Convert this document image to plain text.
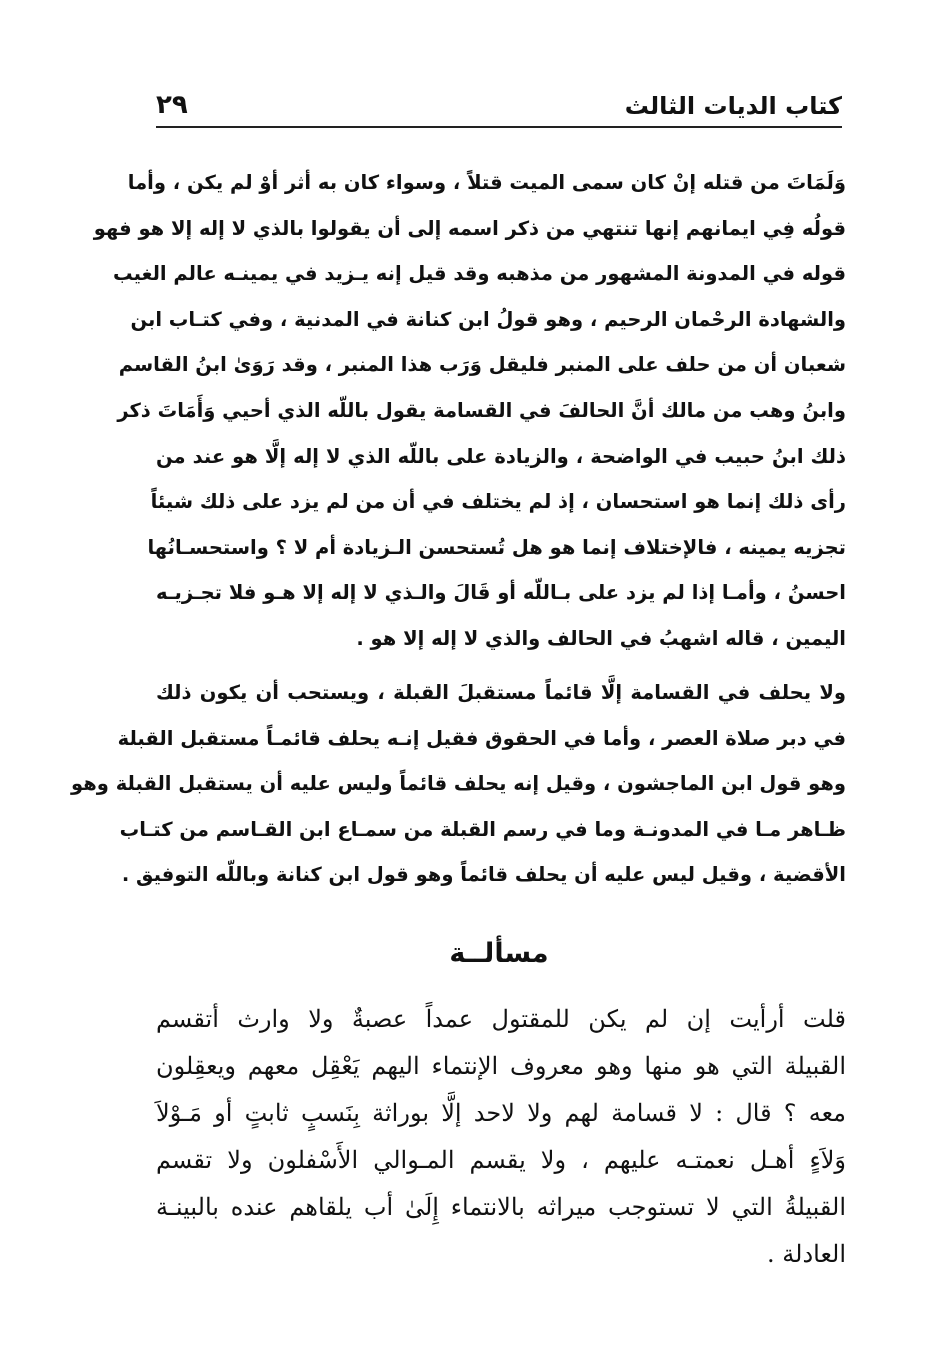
كتاب الديات الثالث
٢٩
وَلَمَاتَ من قتله إنْ كان سمى الميت قتلاً ، وسواء كان به أثر أوْ لم يكن ، وأما
قولُه فِي ايمانهم إنها تنتهي من ذكر اسمه إلى أن يقولوا بالذي لا إله إلا هو فهو
قوله في المدونة المشهور من مذهبه وقد قيل إنه يـزيد في يمينـه عالم الغيب
والشهادة الرحْمان الرحيم ، وهو قولُ ابن كنانة في المدنية ، وفي كتـاب ابن
شعبان أن من حلف على المنبر فليقل وَرَب هذا المنبر ، وقد رَوَىٰ ابنُ القاسم
وابنُ وهب من مالك أنَّ الحالفَ في القسامة يقول باللّه الذي أحيي وَأَمَاتَ ذكر
ذلك ابنُ حبيب في الواضحة ، والزيادة على باللّه الذي لا إله إلَّا هو عند من
رأى ذلك إنما هو استحسان ، إذ لم يختلف في أن من لم يزد على ذلك شيئاً
تجزيه يمينه ، فالإختلاف إنما هو هل تُستحسن الـزيادة أم لا ؟ واستحسـانُها
احسنُ ، وأمـا إذا لم يزد على بـاللّه أو قَالَ والـذي لا إله إلا هـو فلا تجـزيـه
اليمين ، قاله اشهبُ في الحالف والذي لا إله إلا هو .
ولا يحلف في القسامة إلَّا قائماً مستقبلَ القبلة ، ويستحب أن يكون ذلك
في دبر صلاة العصر ، وأما في الحقوق فقيل إنـه يحلف قائمـاً مستقبل القبلة
وهو قول ابن الماجشون ، وقيل إنه يحلف قائماً وليس عليه أن يستقبل القبلة وهو
ظـاهر مـا في المدونـة وما في رسم القبلة من سمـاع ابن القـاسم من كتـاب
الأقضية ، وقيل ليس عليه أن يحلف قائماً وهو قول ابن كنانة وباللّه التوفيق .
مسألــة
قلت أرأيت إن لم يكن للمقتول عمداً عصبةٌ ولا وارث أتقسم
القبيلة التي هو منها وهو معروف الإنتماء اليهم يَعْقِل معهم ويعقِلون
معه ؟ قال : لا قسامة لهم ولا لاحد إلَّا بوراثة بِنَسبٍ ثابتٍ أو مَـوْلاَ
وَلاَءٍ أهـل نعمتـه عليهم ، ولا يقسم المـوالي الأَسْفلون ولا تقسم
القبيلةُ التي لا تستوجب ميراثه بالانتماء إِلَىٰ أب يلقاهم عنده بالبينـة
العادلة .
